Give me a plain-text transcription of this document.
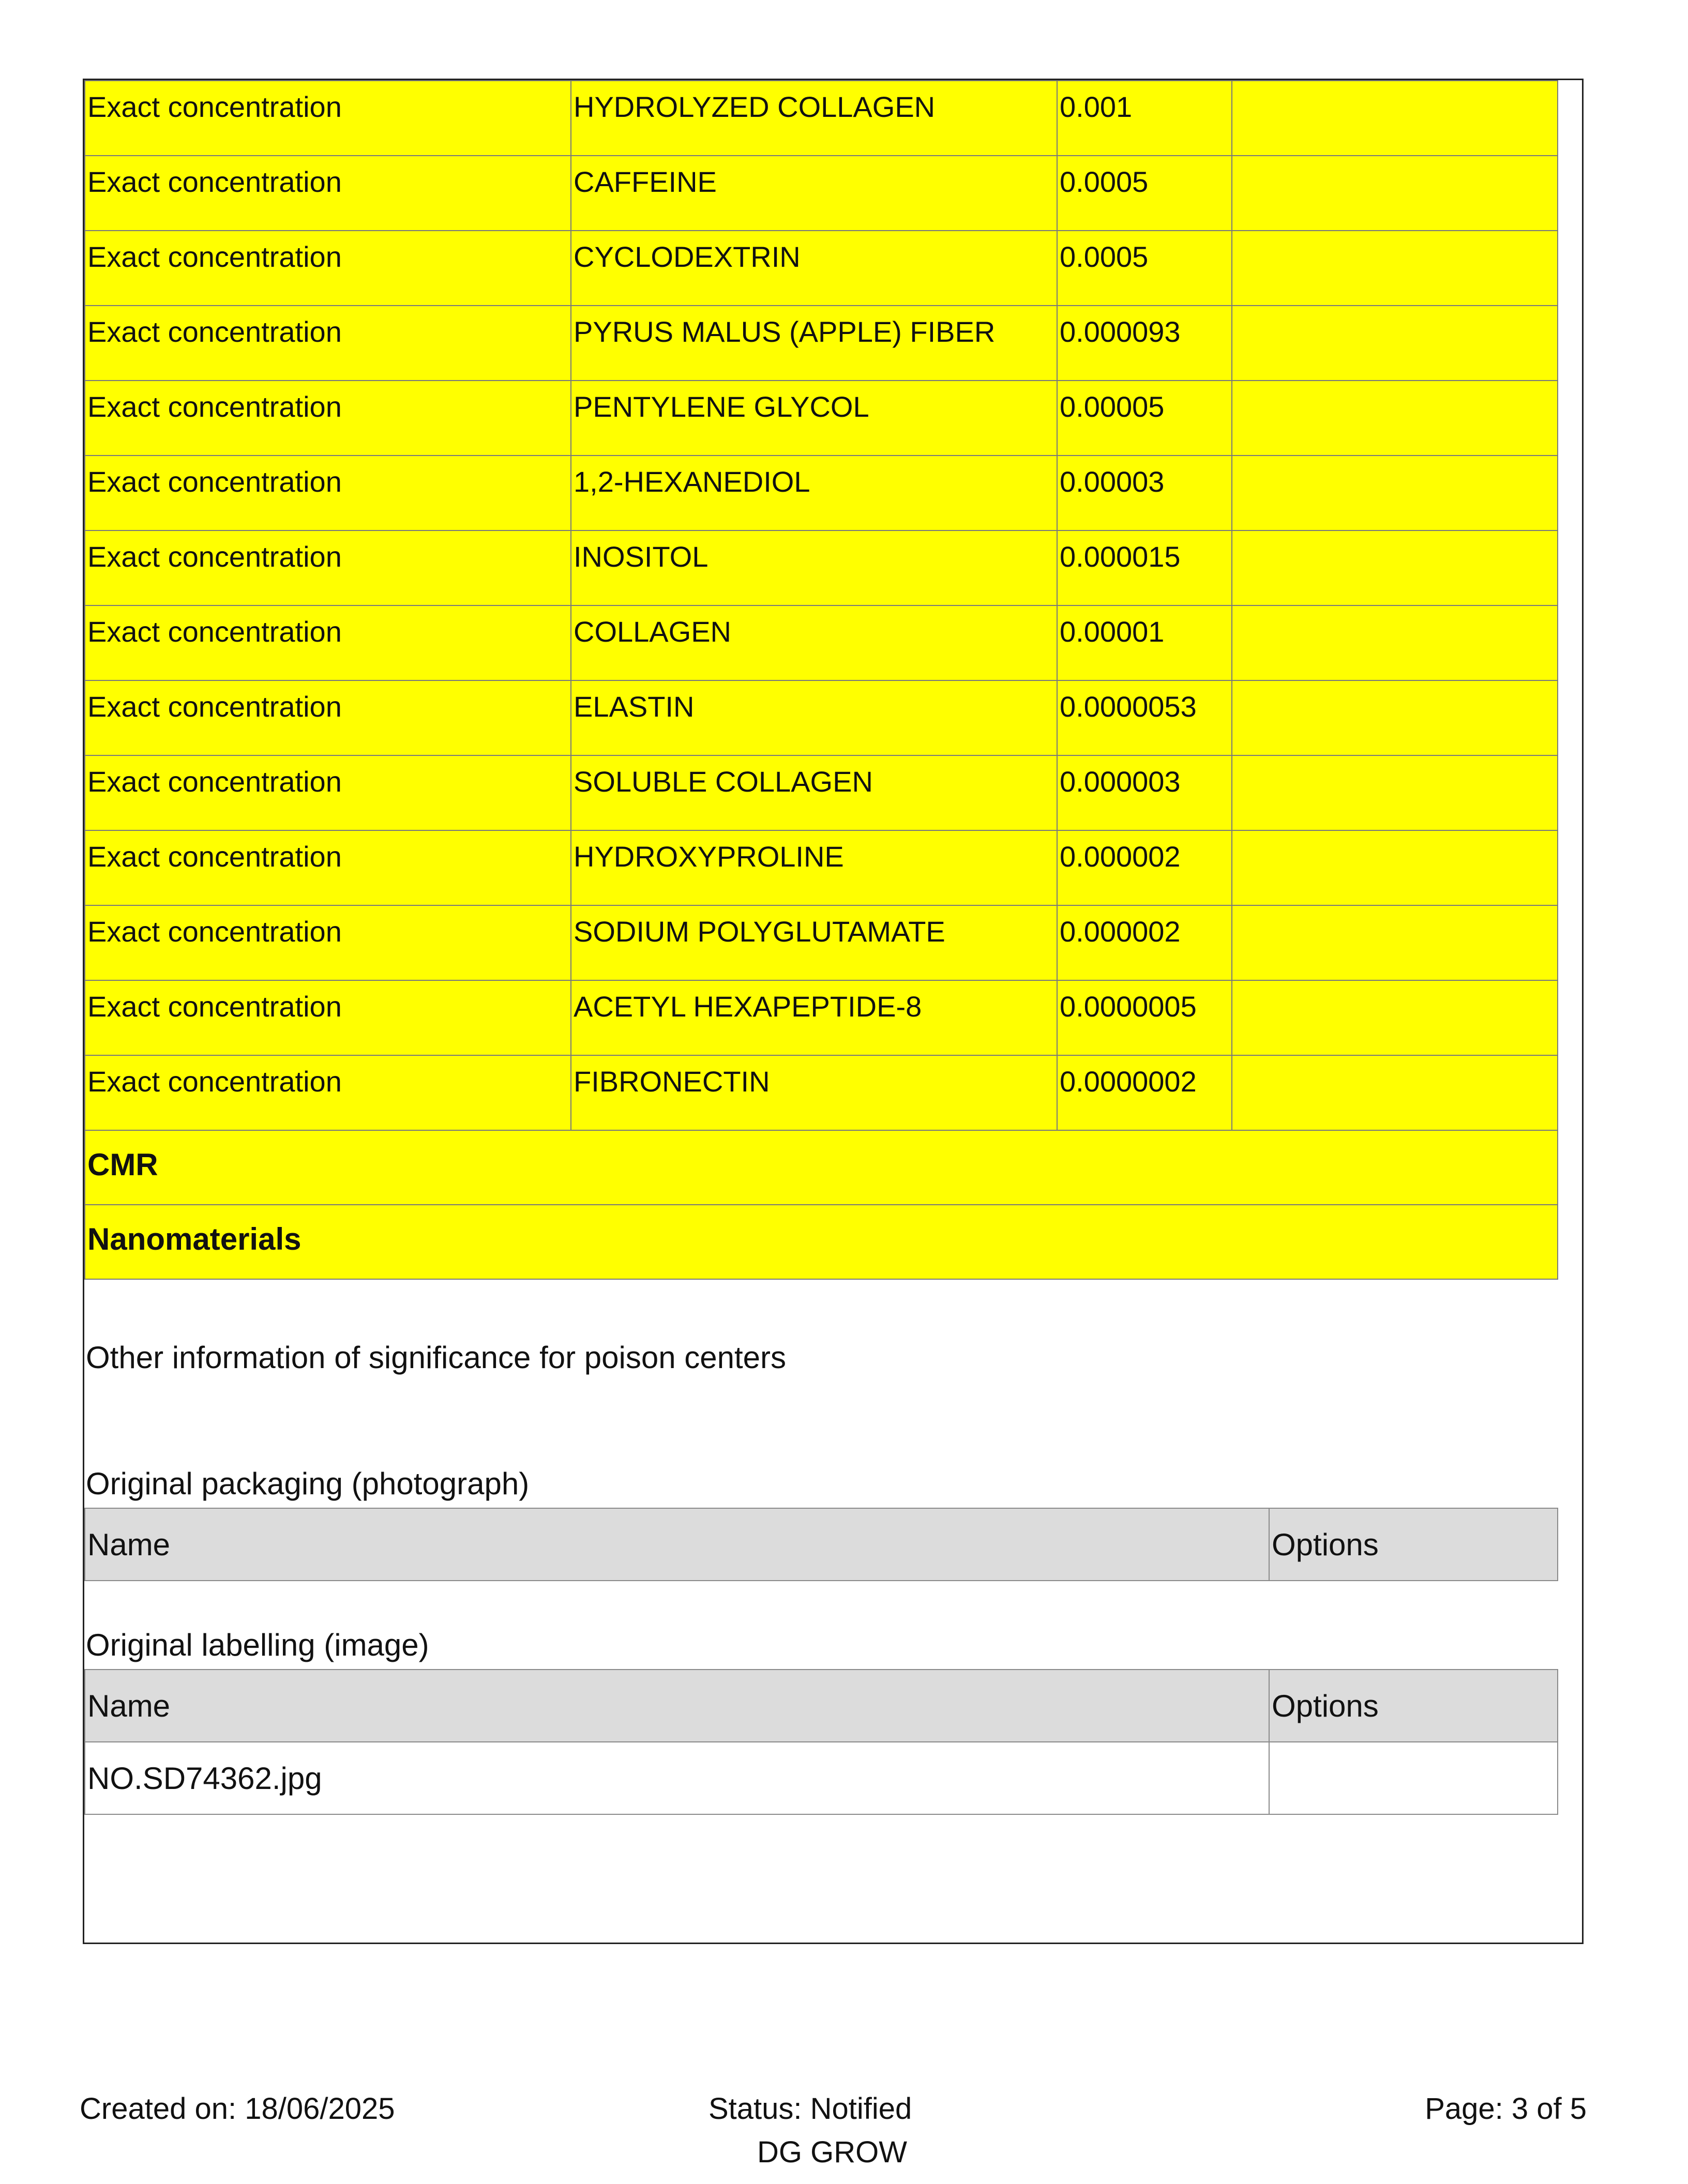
Exact concentration	HYDROLYZED COLLAGEN	0.001	
Exact concentration	CAFFEINE	0.0005	
Exact concentration	CYCLODEXTRIN	0.0005	
Exact concentration	PYRUS MALUS (APPLE) FIBER	0.000093	
Exact concentration	PENTYLENE GLYCOL	0.00005	
Exact concentration	1,2-HEXANEDIOL	0.00003	
Exact concentration	INOSITOL	0.000015	
Exact concentration	COLLAGEN	0.00001	
Exact concentration	ELASTIN	0.0000053	
Exact concentration	SOLUBLE COLLAGEN	0.000003	
Exact concentration	HYDROXYPROLINE	0.000002	
Exact concentration	SODIUM POLYGLUTAMATE	0.000002	
Exact concentration	ACETYL HEXAPEPTIDE-8	0.0000005	
Exact concentration	FIBRONECTIN	0.0000002	
CMR			
Nanomaterials			
Other information of significance for poison centers
Original packaging (photograph)
Name	Options
Original labelling (image)
Name	Options
NO.SD74362.jpg	
Created on: 18/06/2025	Status: Notified
DG GROW
Page: 3 of 5
